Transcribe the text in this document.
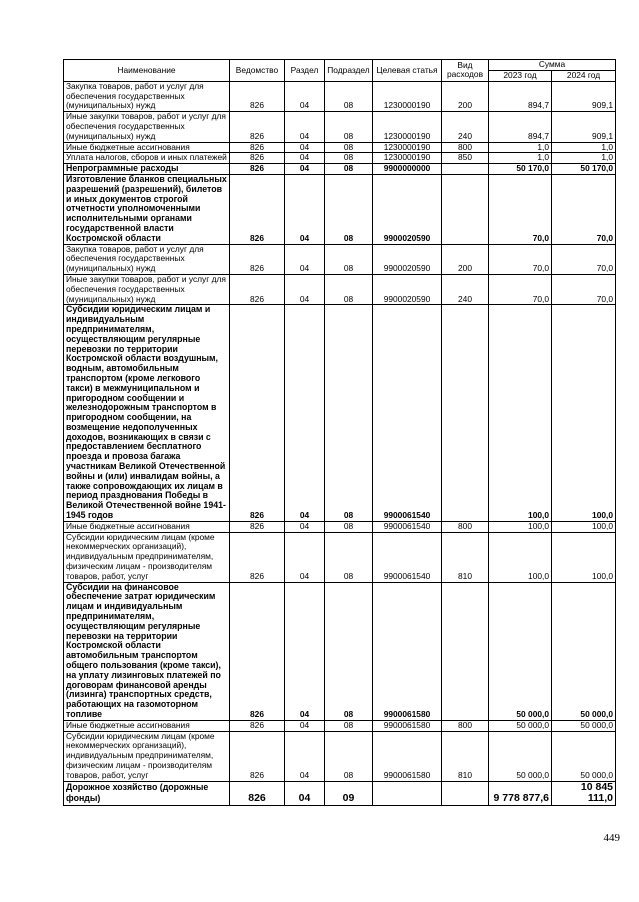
Наименование	Ведомство	Раздел	Подраздел	Целевая статья	Вид расходов	Сумма	
						2023 год	2024 год
Закупка товаров, работ и услуг для обеспечения государственных (муниципальных) нужд	826	04	08	1230000190	200	894,7	909,1
Иные закупки товаров, работ и услуг для обеспечения государственных (муниципальных) нужд	826	04	08	1230000190	240	894,7	909,1
Иные бюджетные ассигнования	826	04	08	1230000190	800	1,0	1,0
Уплата налогов, сборов и иных платежей	826	04	08	1230000190	850	1,0	1,0
Непрограммные расходы	826	04	08	9900000000		50 170,0	50 170,0
Изготовление бланков специальных разрешений (разрешений), билетов и иных документов строгой отчетности уполномоченными исполнительными органами государственной власти Костромской области	826	04	08	9900020590		70,0	70,0
Закупка товаров, работ и услуг для обеспечения государственных (муниципальных) нужд	826	04	08	9900020590	200	70,0	70,0
Иные закупки товаров, работ и услуг для обеспечения государственных (муниципальных) нужд	826	04	08	9900020590	240	70,0	70,0
Субсидии юридическим лицам и индивидуальным предпринимателям, осуществляющим регулярные перевозки по территории Костромской области воздушным, водным, автомобильным транспортом (кроме легкового такси) в межмуниципальном и пригородном сообщении и железнодорожным транспортом в пригородном сообщении, на возмещение недополученных доходов, возникающих в связи с предоставлением бесплатного проезда и провоза багажа участникам Великой Отечественной войны и (или) инвалидам войны, а также сопровождающих их лицам в период празднования Победы в Великой Отечественной войне 1941-1945 годов	826	04	08	9900061540		100,0	100,0
Иные бюджетные ассигнования	826	04	08	9900061540	800	100,0	100,0
Субсидии юридическим лицам (кроме некоммерческих организаций), индивидуальным предпринимателям, физическим лицам - производителям товаров, работ, услуг	826	04	08	9900061540	810	100,0	100,0
Субсидии на финансовое обеспечение затрат юридическим лицам и индивидуальным предпринимателям, осуществляющим регулярные перевозки на территории Костромской области автомобильным транспортом общего пользования (кроме такси), на уплату лизинговых платежей по договорам финансовой аренды (лизинга) транспортных средств, работающих на газомоторном топливе	826	04	08	9900061580		50 000,0	50 000,0
Иные бюджетные ассигнования	826	04	08	9900061580	800	50 000,0	50 000,0
Субсидии юридическим лицам (кроме некоммерческих организаций), индивидуальным предпринимателям, физическим лицам - производителям товаров, работ, услуг	826	04	08	9900061580	810	50 000,0	50 000,0
Дорожное хозяйство (дорожные фонды)	826	04	09			9 778 877,6	10 845 111,0
449
